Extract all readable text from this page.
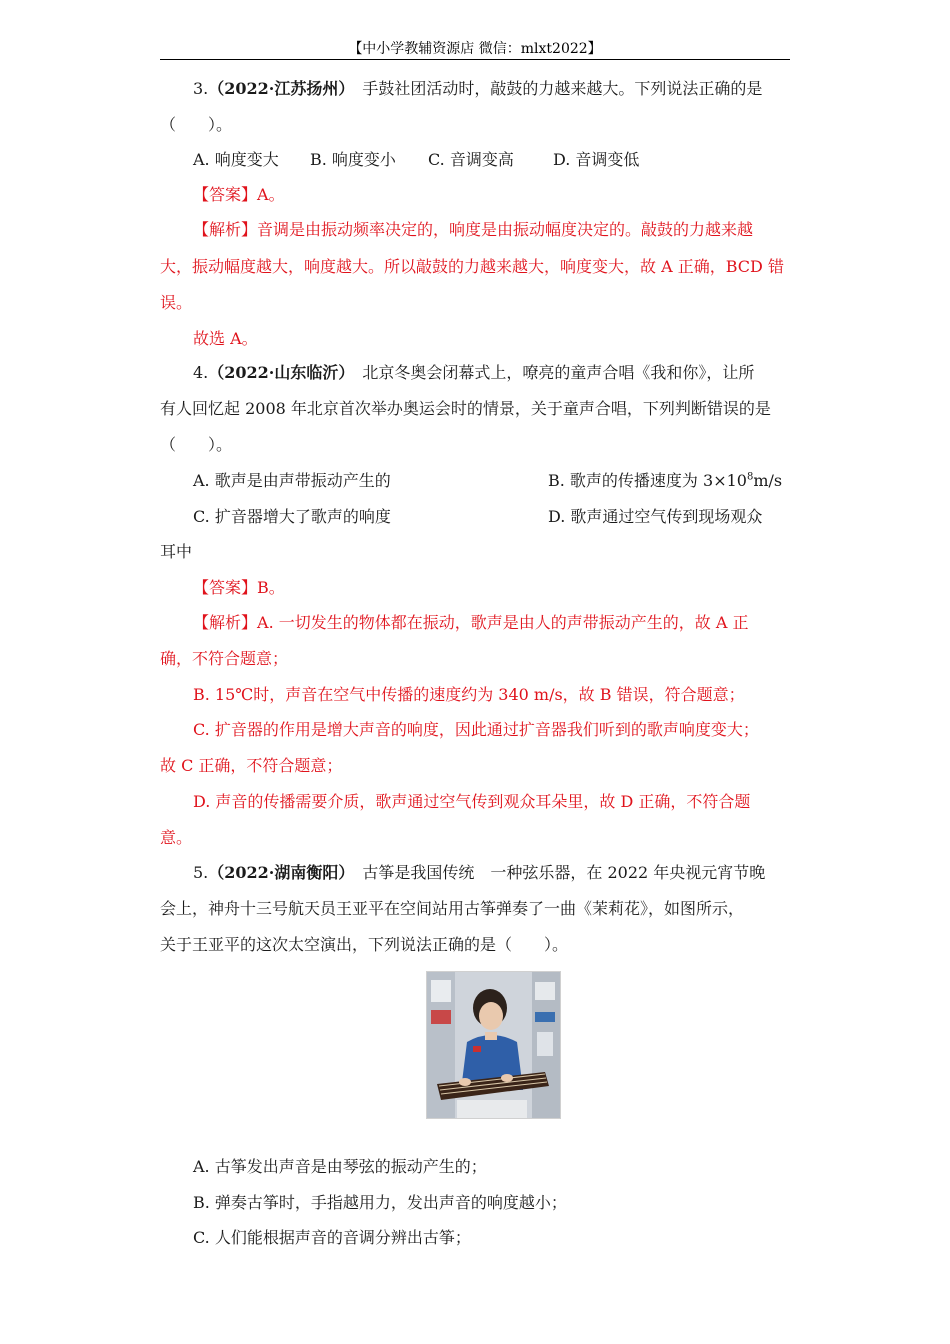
【中小学教辅资源店 微信：mlxt2022】
3.（2022·江苏扬州）　 手鼓社团活动时，敲鼓的力越来越大。下列说法正确的是
（　　）。
A. 响度变大 B. 响度变小 C. 音调变高 D. 音调变低
【答案】A。
【解析】音调是由振动频率决定的，响度是由振动幅度决定的。敲鼓的力越来越
大，振动幅度越大，响度越大。所以敲鼓的力越来越大，响度变大，故 A 正确，BCD 错
误。
故选 A。
4.（2022·山东临沂）　 北京冬奥会闭幕式上，嘹亮的童声合唱《我和你》，让所
有人回忆起 2008 年北京首次举办奥运会时的情景，关于童声合唱，下列判断错误的是
（　　）。
A. 歌声是由声带振动产生的	B. 歌声的传播速度为 $3\times 10^8m/s$
C. 扩音器增大了歌声的响度	D. 歌声通过空气传到现场观众
耳中
【答案】B。
【解析】A. 一切发生的物体都在振动，歌声是由人的声带振动产生的，故 A 正
确，不符合题意；
B. 15℃时，声音在空气中传播的速度约为 340 m/s，故 B 错误，符合题意；
C. 扩音器的作用是增大声音的响度，因此通过扩音器我们听到的歌声响度变大；
故 C 正确，不符合题意；
D. 声音的传播需要介质，歌声通过空气传到观众耳朵里，故 D 正确，不符合题
意。
5.（2022·湖南衡阳）　 古筝是我国传统　一种弦乐器，在 2022 年央视元宵节晚
会上，神舟十三号航天员王亚平在空间站用古筝弹奏了一曲《茉莉花》，如图所示，
关于王亚平的这次太空演出，下列说法正确的是（　　）。
A. 古筝发出声音是由琴弦的振动产生的；
B. 弹奏古筝时，手指越用力，发出声音的响度越小；
C. 人们能根据声音的音调分辨出古筝；
